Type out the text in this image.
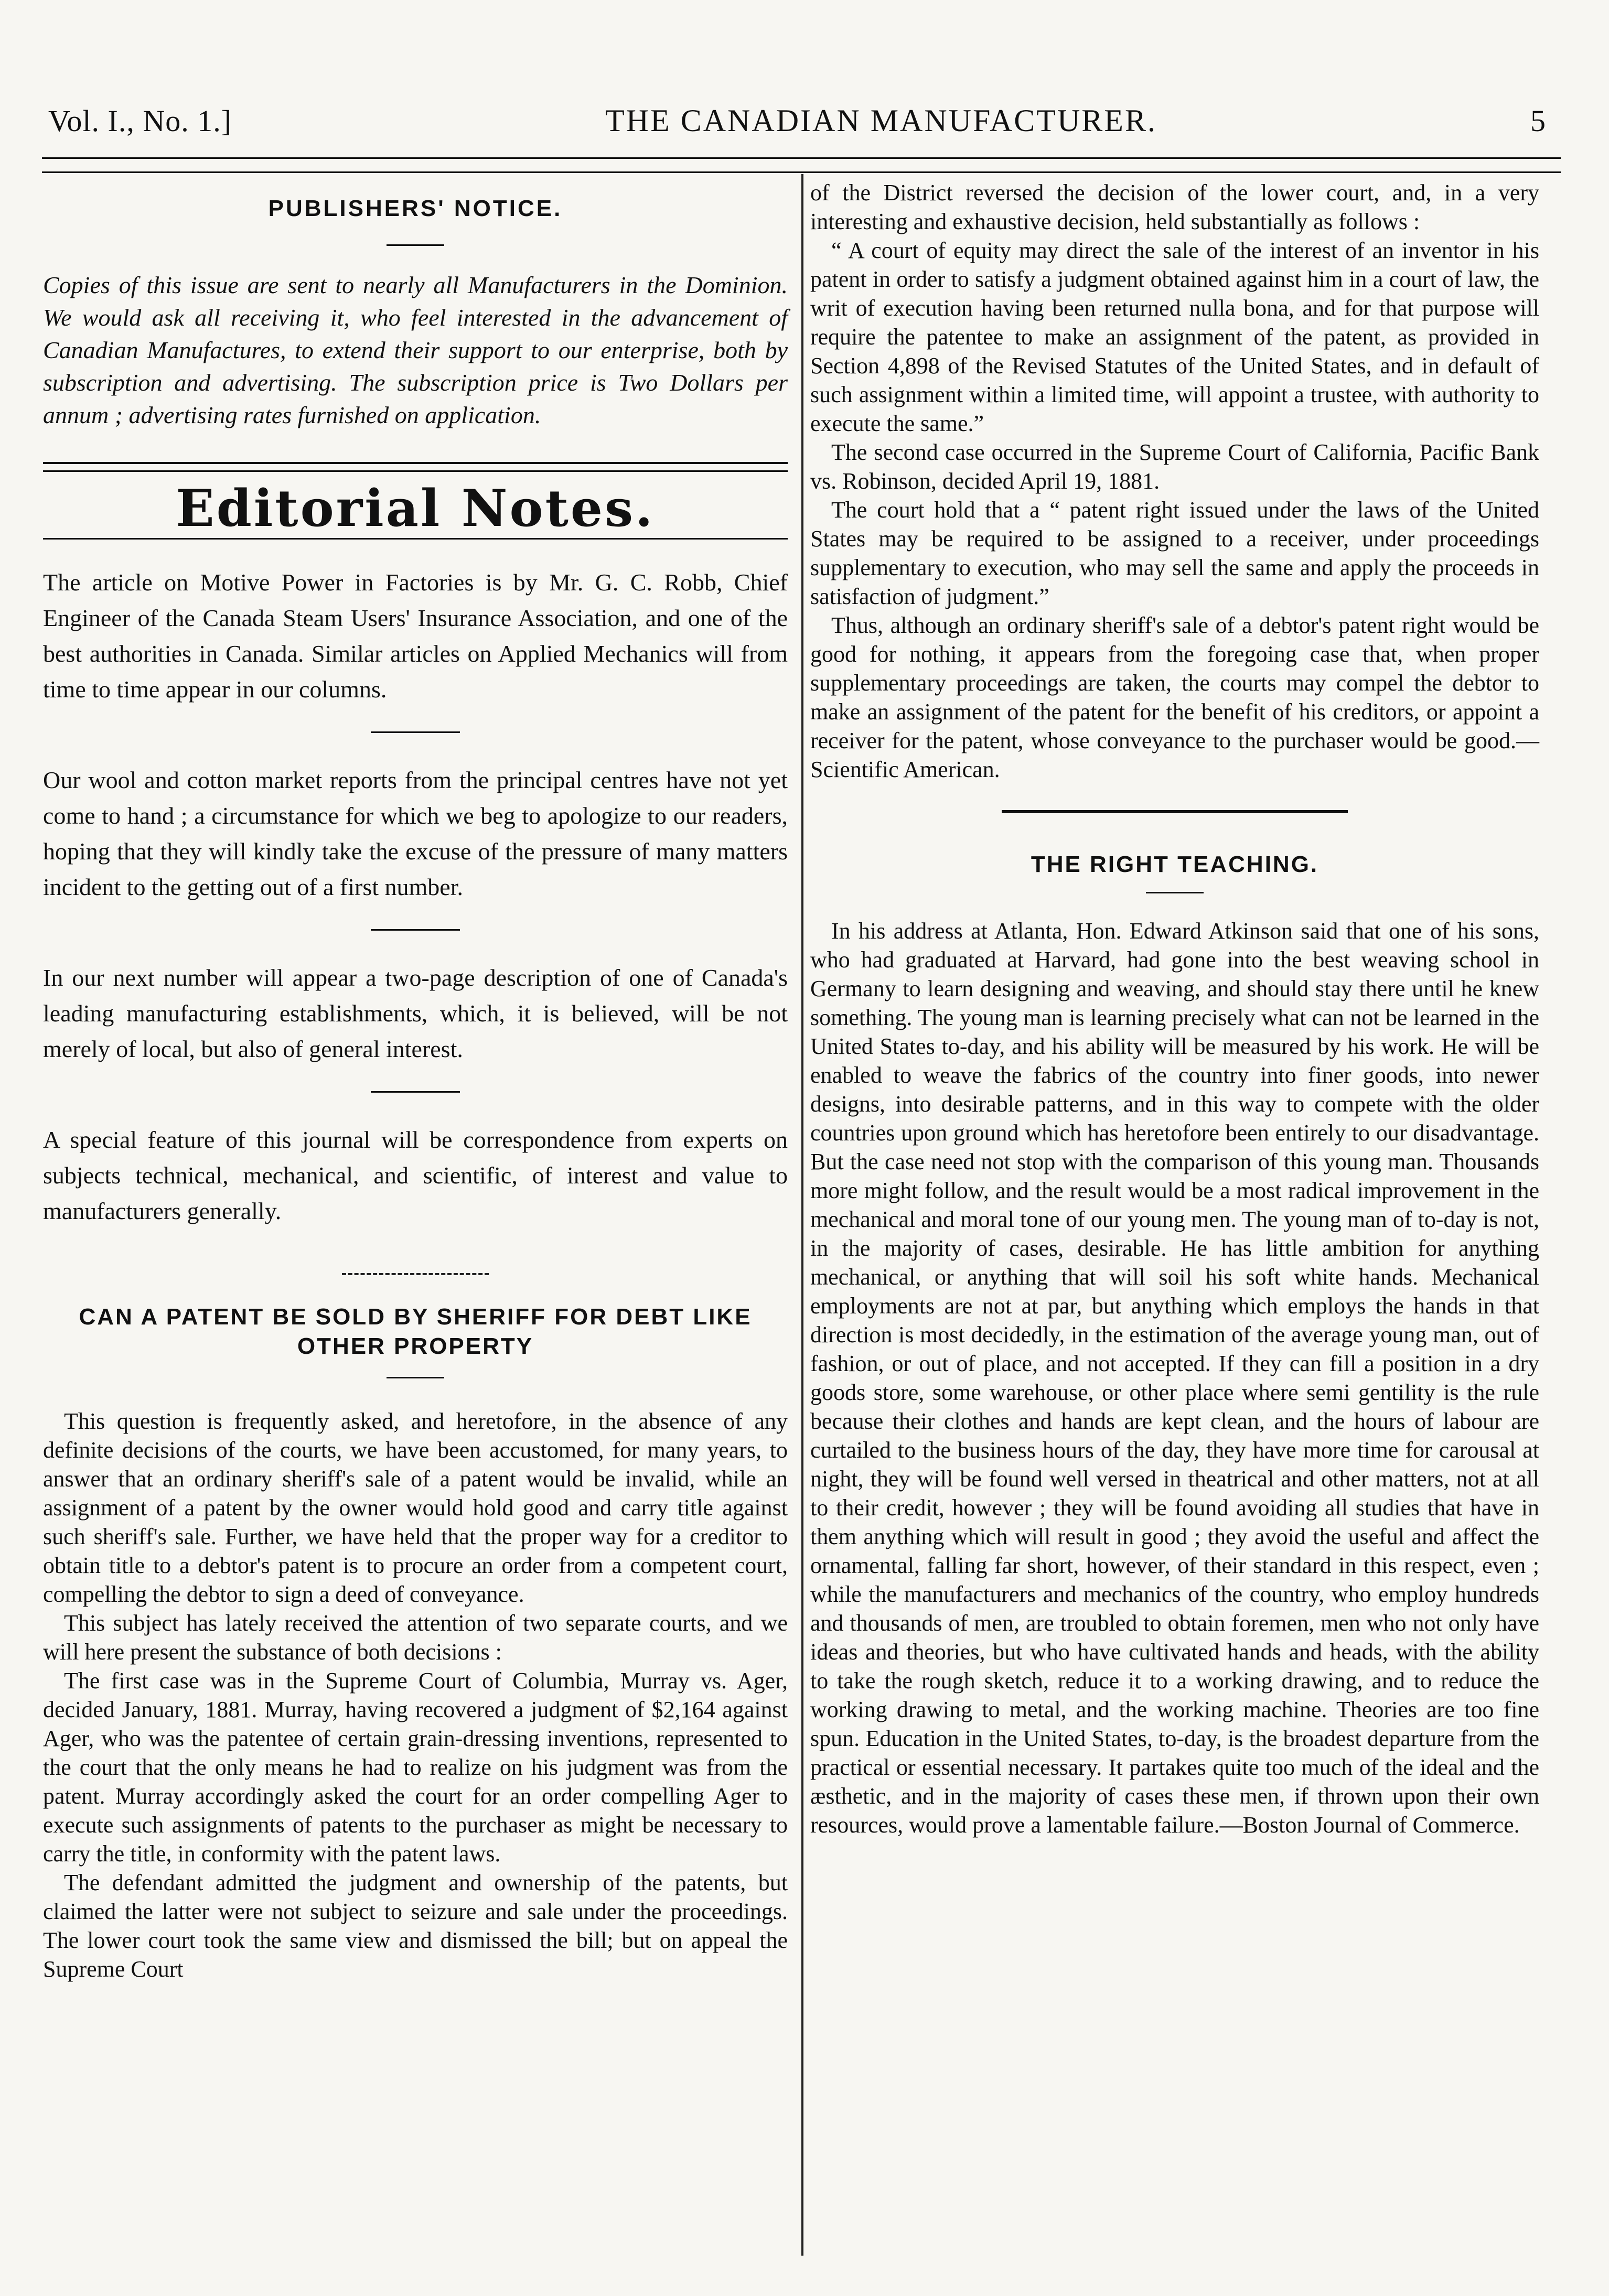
Vol. I., No. 1.]	THE CANADIAN MANUFACTURER.	5
PUBLISHERS' NOTICE.

Copies of this issue are sent to nearly all Manufacturers in the Dominion. We would ask all receiving it, who feel interested in the advancement of Canadian Manufactures, to extend their support to our enterprise, both by subscription and advertising. The subscription price is Two Dollars per annum ; advertising rates furnished on application.

Editorial Notes.

The article on Motive Power in Factories is by Mr. G. C. Robb, Chief Engineer of the Canada Steam Users' Insurance Association, and one of the best authorities in Canada. Similar articles on Applied Mechanics will from time to time appear in our columns.

Our wool and cotton market reports from the principal centres have not yet come to hand ; a circumstance for which we beg to apologize to our readers, hoping that they will kindly take the excuse of the pressure of many matters incident to the getting out of a first number.

In our next number will appear a two-page description of one of Canada's leading manufacturing establishments, which, it is believed, will be not merely of local, but also of general interest.

A special feature of this journal will be correspondence from experts on subjects technical, mechanical, and scientific, of interest and value to manufacturers generally.

CAN A PATENT BE SOLD BY SHERIFF FOR DEBT LIKE OTHER PROPERTY

This question is frequently asked, and heretofore, in the absence of any definite decisions of the courts, we have been accustomed, for many years, to answer that an ordinary sheriff's sale of a patent would be invalid, while an assignment of a patent by the owner would hold good and carry title against such sheriff's sale. Further, we have held that the proper way for a creditor to obtain title to a debtor's patent is to procure an order from a competent court, compelling the debtor to sign a deed of conveyance.

This subject has lately received the attention of two separate courts, and we will here present the substance of both decisions :

The first case was in the Supreme Court of Columbia, Murray vs. Ager, decided January, 1881. Murray, having recovered a judgment of $2,164 against Ager, who was the patentee of certain grain-dressing inventions, represented to the court that the only means he had to realize on his judgment was from the patent. Murray accordingly asked the court for an order compelling Ager to execute such assignments of patents to the purchaser as might be necessary to carry the title, in conformity with the patent laws.

The defendant admitted the judgment and ownership of the patents, but claimed the latter were not subject to seizure and sale under the proceedings. The lower court took the same view and dismissed the bill; but on appeal the Supreme Court

of the District reversed the decision of the lower court, and, in a very interesting and exhaustive decision, held substantially as follows :

“ A court of equity may direct the sale of the interest of an inventor in his patent in order to satisfy a judgment obtained against him in a court of law, the writ of execution having been returned nulla bona, and for that purpose will require the patentee to make an assignment of the patent, as provided in Section 4,898 of the Revised Statutes of the United States, and in default of such assignment within a limited time, will appoint a trustee, with authority to execute the same.”

The second case occurred in the Supreme Court of California, Pacific Bank vs. Robinson, decided April 19, 1881.

The court hold that a “ patent right issued under the laws of the United States may be required to be assigned to a receiver, under proceedings supplementary to execution, who may sell the same and apply the proceeds in satisfaction of judgment.”

Thus, although an ordinary sheriff's sale of a debtor's patent right would be good for nothing, it appears from the foregoing case that, when proper supplementary proceedings are taken, the courts may compel the debtor to make an assignment of the patent for the benefit of his creditors, or appoint a receiver for the patent, whose conveyance to the purchaser would be good.—Scientific American.

THE RIGHT TEACHING.

In his address at Atlanta, Hon. Edward Atkinson said that one of his sons, who had graduated at Harvard, had gone into the best weaving school in Germany to learn designing and weaving, and should stay there until he knew something. The young man is learning precisely what can not be learned in the United States to-day, and his ability will be measured by his work. He will be enabled to weave the fabrics of the country into finer goods, into newer designs, into desirable patterns, and in this way to compete with the older countries upon ground which has heretofore been entirely to our disadvantage. But the case need not stop with the comparison of this young man. Thousands more might follow, and the result would be a most radical improvement in the mechanical and moral tone of our young men. The young man of to-day is not, in the majority of cases, desirable. He has little ambition for anything mechanical, or anything that will soil his soft white hands. Mechanical employments are not at par, but anything which employs the hands in that direction is most decidedly, in the estimation of the average young man, out of fashion, or out of place, and not accepted. If they can fill a position in a dry goods store, some warehouse, or other place where semi gentility is the rule because their clothes and hands are kept clean, and the hours of labour are curtailed to the business hours of the day, they have more time for carousal at night, they will be found well versed in theatrical and other matters, not at all to their credit, however ; they will be found avoiding all studies that have in them anything which will result in good ; they avoid the useful and affect the ornamental, falling far short, however, of their standard in this respect, even ; while the manufacturers and mechanics of the country, who employ hundreds and thousands of men, are troubled to obtain foremen, men who not only have ideas and theories, but who have cultivated hands and heads, with the ability to take the rough sketch, reduce it to a working drawing, and to reduce the working drawing to metal, and the working machine. Theories are too fine spun. Education in the United States, to-day, is the broadest departure from the practical or essential necessary. It partakes quite too much of the ideal and the æsthetic, and in the majority of cases these men, if thrown upon their own resources, would prove a lamentable failure.—Boston Journal of Commerce.
